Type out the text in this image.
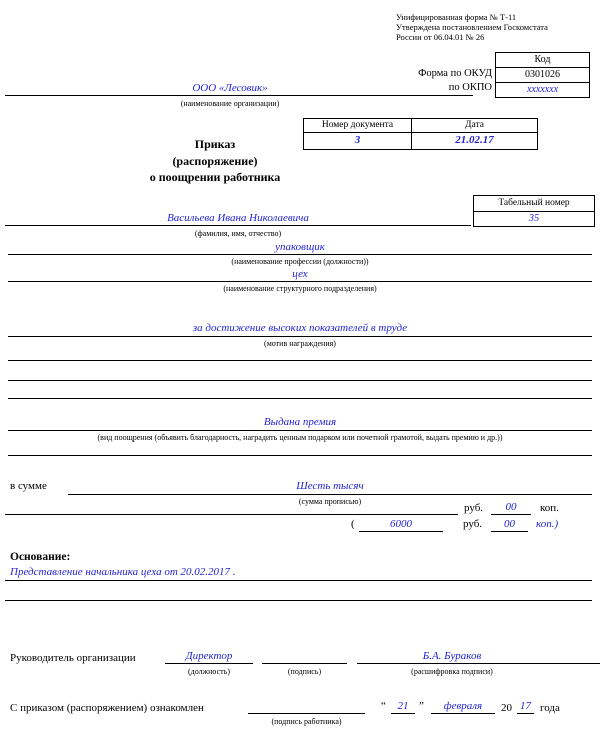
Унифицированная форма № Т-11
Утверждена постановлением Госкомстата
России от 06.04.01 № 26
Код
0301026
xxxxxxx
Форма по ОКУД
по ОКПО
ООО «Лесовик»
(наименование организации)
Номер документа	Дата
3	21.02.17
Приказ
(распоряжение)
о поощрении работника
Табельный номер
35
Васильева Ивана Николаевича
(фамилия, имя, отчество)
упаковщик
(наименование профессии (должности))
цех
(наименование структурного подразделения)
за достижение высоких показателей в труде
(мотив награждения)
Выдана премия
(вид поощрения (объявить благодарность, наградить ценным подарком или почетной грамотой, выдать премию и др.))
в сумме	Шесть тысяч
(сумма прописью)
руб.	00	коп.
(	6000	руб.	00	коп.)
Основание:
Представление начальника цеха от 20.02.2017 .
Руководитель организации	Директор
(должность)	(подпись)
Б.А. Бураков
(расшифровка подписи)
С приказом (распоряжением) ознакомлен
(подпись работника)
“	21 ”	февраля	20 17 года
